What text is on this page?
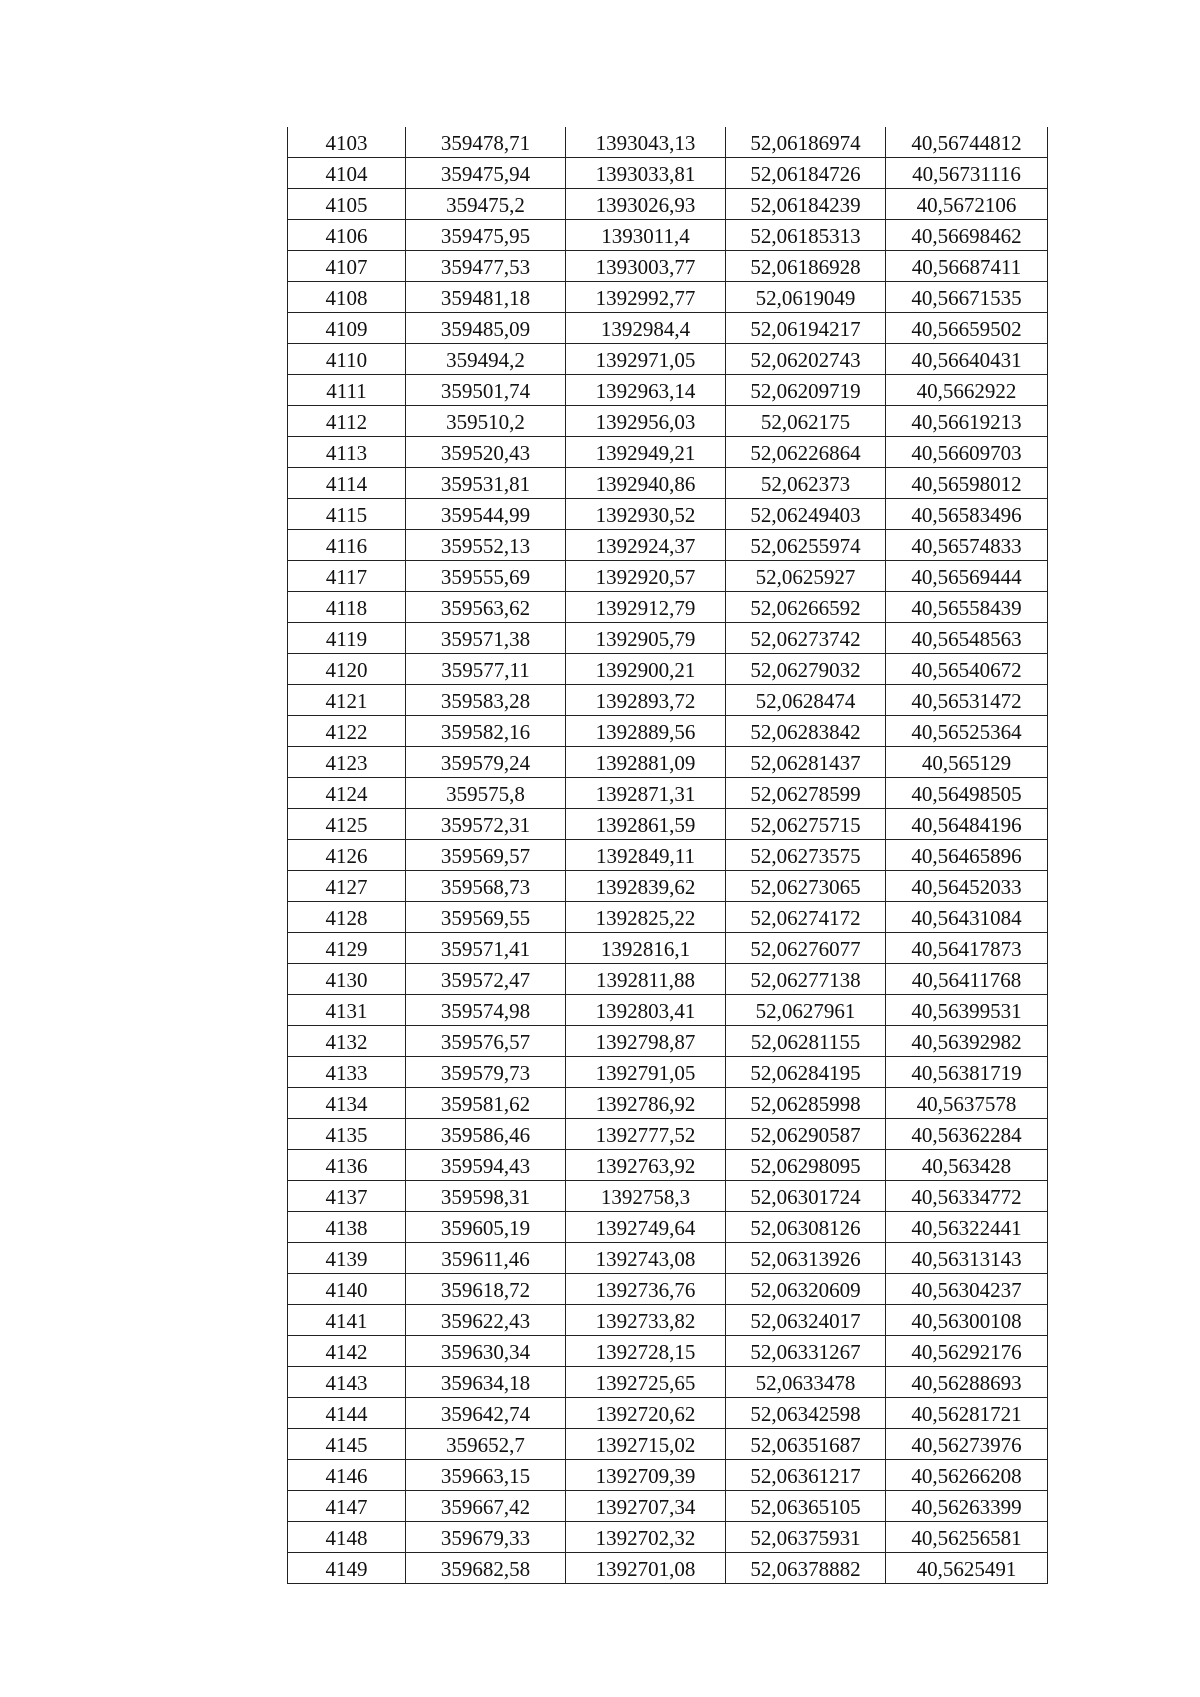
4103	359478,71	1393043,13	52,06186974	40,56744812
4104	359475,94	1393033,81	52,06184726	40,56731116
4105	359475,2	1393026,93	52,06184239	40,5672106
4106	359475,95	1393011,4	52,06185313	40,56698462
4107	359477,53	1393003,77	52,06186928	40,56687411
4108	359481,18	1392992,77	52,0619049	40,56671535
4109	359485,09	1392984,4	52,06194217	40,56659502
4110	359494,2	1392971,05	52,06202743	40,56640431
4111	359501,74	1392963,14	52,06209719	40,5662922
4112	359510,2	1392956,03	52,062175	40,56619213
4113	359520,43	1392949,21	52,06226864	40,56609703
4114	359531,81	1392940,86	52,062373	40,56598012
4115	359544,99	1392930,52	52,06249403	40,56583496
4116	359552,13	1392924,37	52,06255974	40,56574833
4117	359555,69	1392920,57	52,0625927	40,56569444
4118	359563,62	1392912,79	52,06266592	40,56558439
4119	359571,38	1392905,79	52,06273742	40,56548563
4120	359577,11	1392900,21	52,06279032	40,56540672
4121	359583,28	1392893,72	52,0628474	40,56531472
4122	359582,16	1392889,56	52,06283842	40,56525364
4123	359579,24	1392881,09	52,06281437	40,565129
4124	359575,8	1392871,31	52,06278599	40,56498505
4125	359572,31	1392861,59	52,06275715	40,56484196
4126	359569,57	1392849,11	52,06273575	40,56465896
4127	359568,73	1392839,62	52,06273065	40,56452033
4128	359569,55	1392825,22	52,06274172	40,56431084
4129	359571,41	1392816,1	52,06276077	40,56417873
4130	359572,47	1392811,88	52,06277138	40,56411768
4131	359574,98	1392803,41	52,0627961	40,56399531
4132	359576,57	1392798,87	52,06281155	40,56392982
4133	359579,73	1392791,05	52,06284195	40,56381719
4134	359581,62	1392786,92	52,06285998	40,5637578
4135	359586,46	1392777,52	52,06290587	40,56362284
4136	359594,43	1392763,92	52,06298095	40,563428
4137	359598,31	1392758,3	52,06301724	40,56334772
4138	359605,19	1392749,64	52,06308126	40,56322441
4139	359611,46	1392743,08	52,06313926	40,56313143
4140	359618,72	1392736,76	52,06320609	40,56304237
4141	359622,43	1392733,82	52,06324017	40,56300108
4142	359630,34	1392728,15	52,06331267	40,56292176
4143	359634,18	1392725,65	52,0633478	40,56288693
4144	359642,74	1392720,62	52,06342598	40,56281721
4145	359652,7	1392715,02	52,06351687	40,56273976
4146	359663,15	1392709,39	52,06361217	40,56266208
4147	359667,42	1392707,34	52,06365105	40,56263399
4148	359679,33	1392702,32	52,06375931	40,56256581
4149	359682,58	1392701,08	52,06378882	40,5625491
